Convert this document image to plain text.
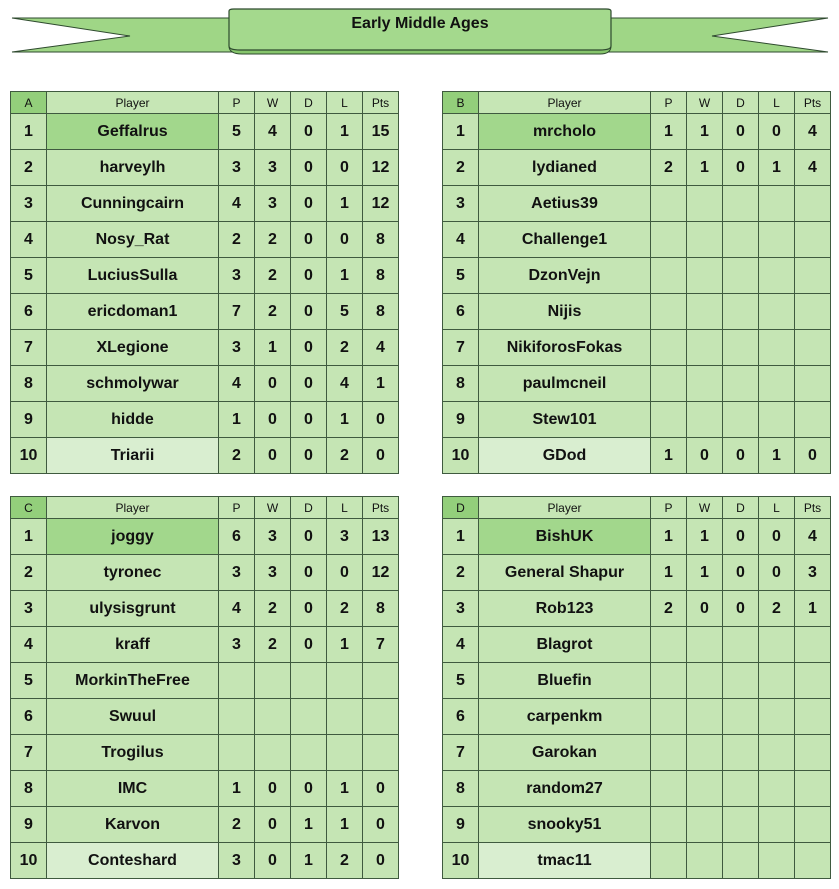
Early Middle Ages
A	Player	P	W	D	L	Pts
1	Geffalrus	5	4	0	1	15
2	harveylh	3	3	0	0	12
3	Cunningcairn	4	3	0	1	12
4	Nosy_Rat	2	2	0	0	8
5	LuciusSulla	3	2	0	1	8
6	ericdoman1	7	2	0	5	8
7	XLegione	3	1	0	2	4
8	schmolywar	4	0	0	4	1
9	hidde	1	0	0	1	0
10	Triarii	2	0	0	2	0
B	Player	P	W	D	L	Pts
1	mrcholo	1	1	0	0	4
2	lydianed	2	1	0	1	4
3	Aetius39					
4	Challenge1					
5	DzonVejn					
6	Nijis					
7	NikiforosFokas					
8	paulmcneil					
9	Stew101					
10	GDod	1	0	0	1	0
C	Player	P	W	D	L	Pts
1	joggy	6	3	0	3	13
2	tyronec	3	3	0	0	12
3	ulysisgrunt	4	2	0	2	8
4	kraff	3	2	0	1	7
5	MorkinTheFree					
6	Swuul					
7	Trogilus					
8	IMC	1	0	0	1	0
9	Karvon	2	0	1	1	0
10	Conteshard	3	0	1	2	0
D	Player	P	W	D	L	Pts
1	BishUK	1	1	0	0	4
2	General Shapur	1	1	0	0	3
3	Rob123	2	0	0	2	1
4	Blagrot					
5	Bluefin					
6	carpenkm					
7	Garokan					
8	random27					
9	snooky51					
10	tmac11					
